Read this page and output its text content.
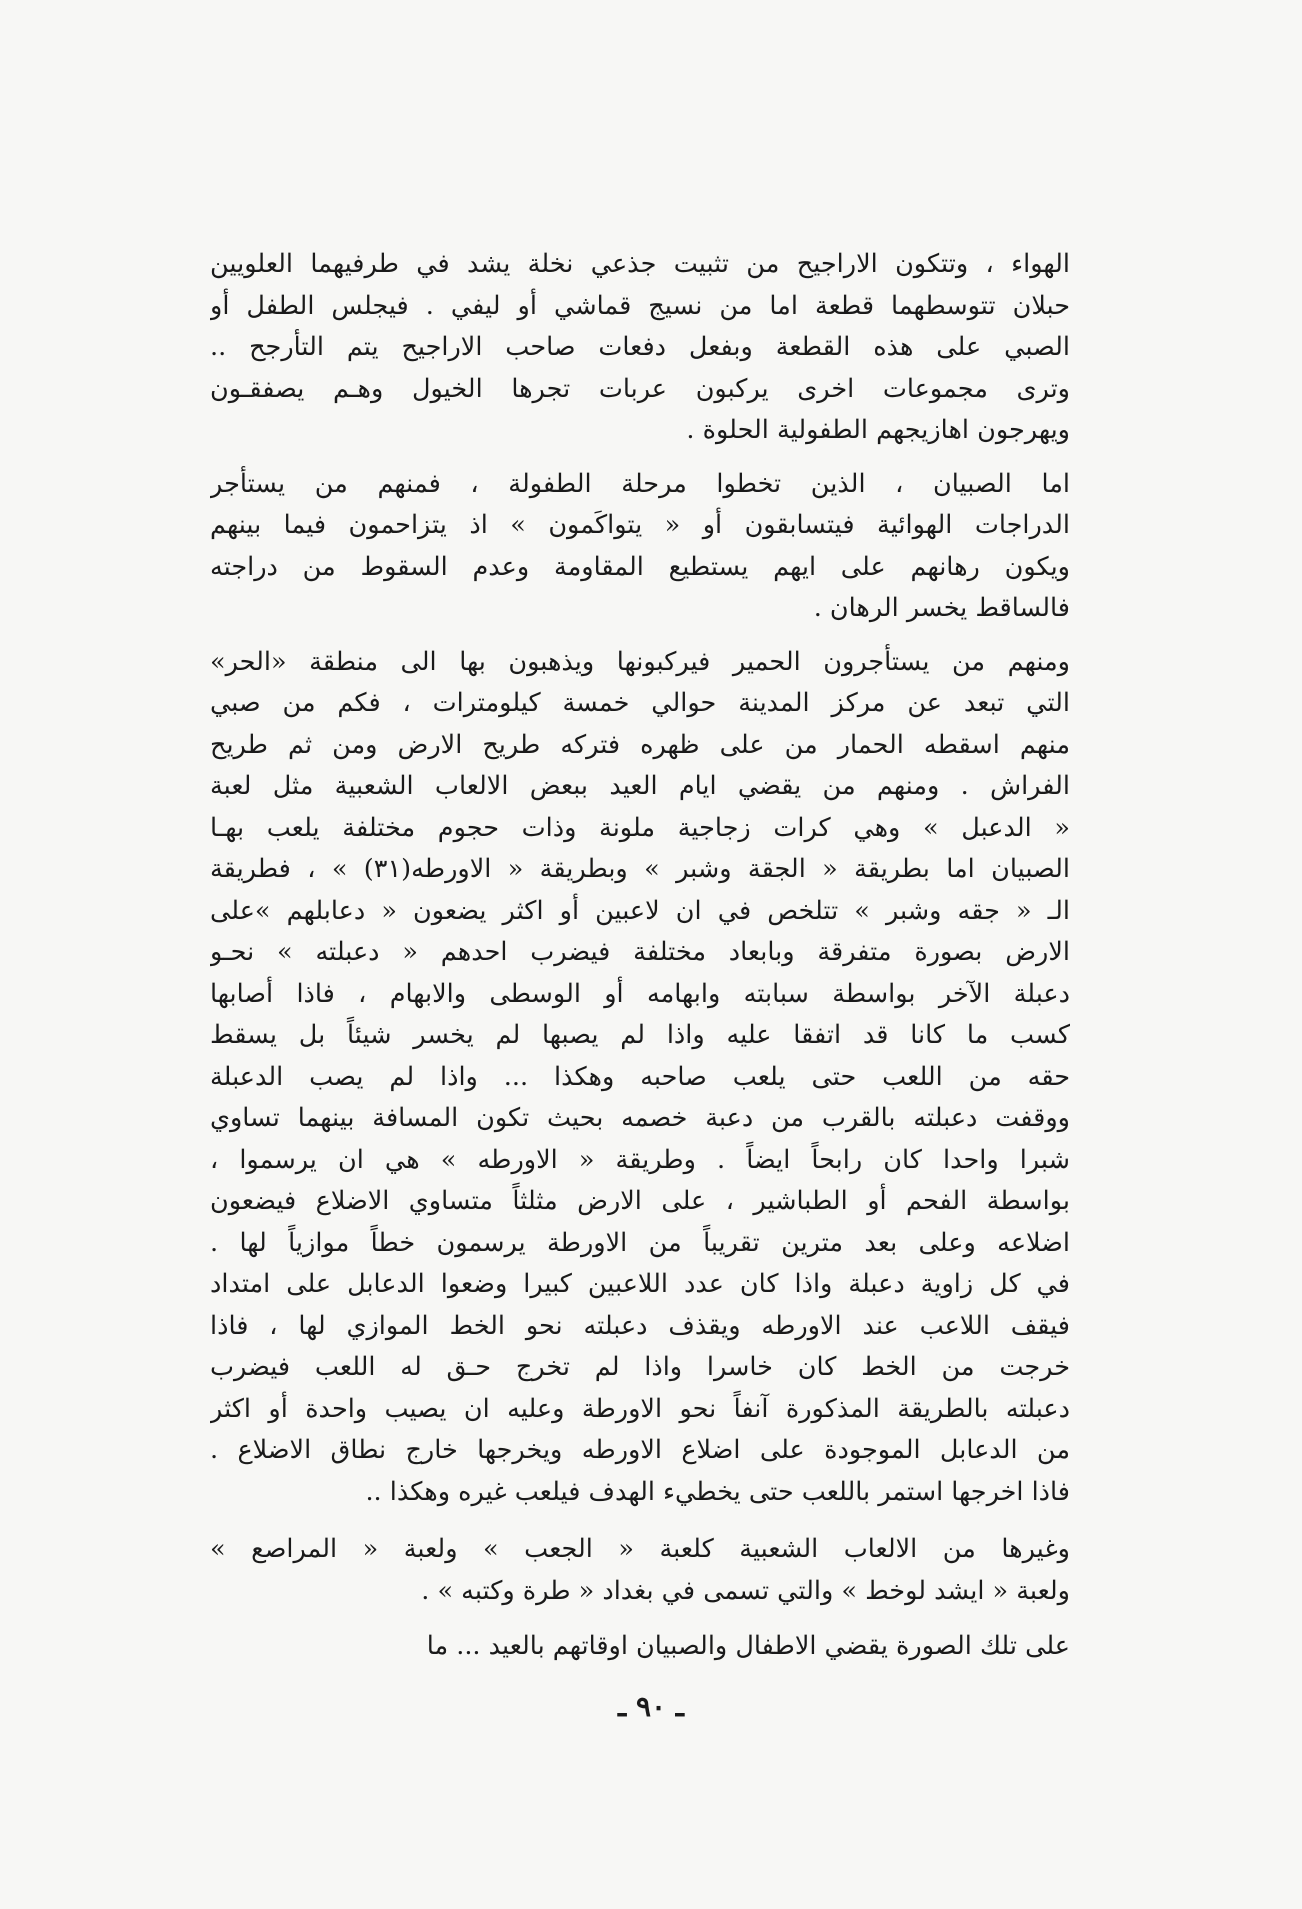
الهواء ، وتتكون الاراجيح من تثبيت جذعي نخلة يشد في طرفيهما العلويين
حبلان تتوسطهما قطعة اما من نسيج قماشي أو ليفي . فيجلس الطفل أو
الصبي على هذه القطعة وبفعل دفعات صاحب الاراجيح يتم التأرجح ..
وترى مجموعات اخرى يركبون عربات تجرها الخيول وهـم يصفقـون
ويهرجون اهازيجهم الطفولية الحلوة .
اما الصبيان ، الذين تخطوا مرحلة الطفولة ، فمنهم من يستأجر
الدراجات الهوائية فيتسابقون أو « يتواكَمون » اذ يتزاحمون فيما بينهم
ويكون رهانهم على ايهم يستطيع المقاومة وعدم السقوط من دراجته
فالساقط يخسر الرهان .
ومنهم من يستأجرون الحمير فيركبونها ويذهبون بها الى منطقة «الحر»
التي تبعد عن مركز المدينة حوالي خمسة كيلومترات ، فكم من صبي
منهم اسقطه الحمار من على ظهره فتركه طريح الارض ومن ثم طريح
الفراش . ومنهم من يقضي ايام العيد ببعض الالعاب الشعبية مثل لعبة
« الدعبل » وهي كرات زجاجية ملونة وذات حجوم مختلفة يلعب بهـا
الصبيان اما بطريقة « الجقة وشبر » وبطريقة « الاورطه(٣١) » ، فطريقة
الـ « جقه وشبر » تتلخص في ان لاعبين أو اكثر يضعون « دعابلهم »على
الارض بصورة متفرقة وبابعاد مختلفة فيضرب احدهم « دعبلته » نحـو
دعبلة الآخر بواسطة سبابته وابهامه أو الوسطى والابهام ، فاذا أصابها
كسب ما كانا قد اتفقا عليه واذا لم يصبها لم يخسر شيئاً بل يسقط
حقه من اللعب حتى يلعب صاحبه وهكذا ... واذا لم يصب الدعبلة
ووقفت دعبلته بالقرب من دعبة خصمه بحيث تكون المسافة بينهما تساوي
شبرا واحدا كان رابحاً ايضاً . وطريقة « الاورطه » هي ان يرسموا ،
بواسطة الفحم أو الطباشير ، على الارض مثلثاً متساوي الاضلاع فيضعون
اضلاعه وعلى بعد مترين تقريباً من الاورطة يرسمون خطاً موازياً لها .
في كل زاوية دعبلة واذا كان عدد اللاعبين كبيرا وضعوا الدعابل على امتداد
فيقف اللاعب عند الاورطه ويقذف دعبلته نحو الخط الموازي لها ، فاذا
خرجت من الخط كان خاسرا واذا لم تخرج حـق له اللعب فيضرب
دعبلته بالطريقة المذكورة آنفاً نحو الاورطة وعليه ان يصيب واحدة أو اكثر
من الدعابل الموجودة على اضلاع الاورطه ويخرجها خارج نطاق الاضلاع .
فاذا اخرجها استمر باللعب حتى يخطيء الهدف فيلعب غيره وهكذا ..
وغيرها من الالعاب الشعبية كلعبة « الجعب » ولعبة « المراصع »
ولعبة « ايشد لوخط » والتي تسمى في بغداد « طرة وكتبه » .
على تلك الصورة يقضي الاطفال والصبيان اوقاتهم بالعيد ... ما
ـ ٩٠ ـ
